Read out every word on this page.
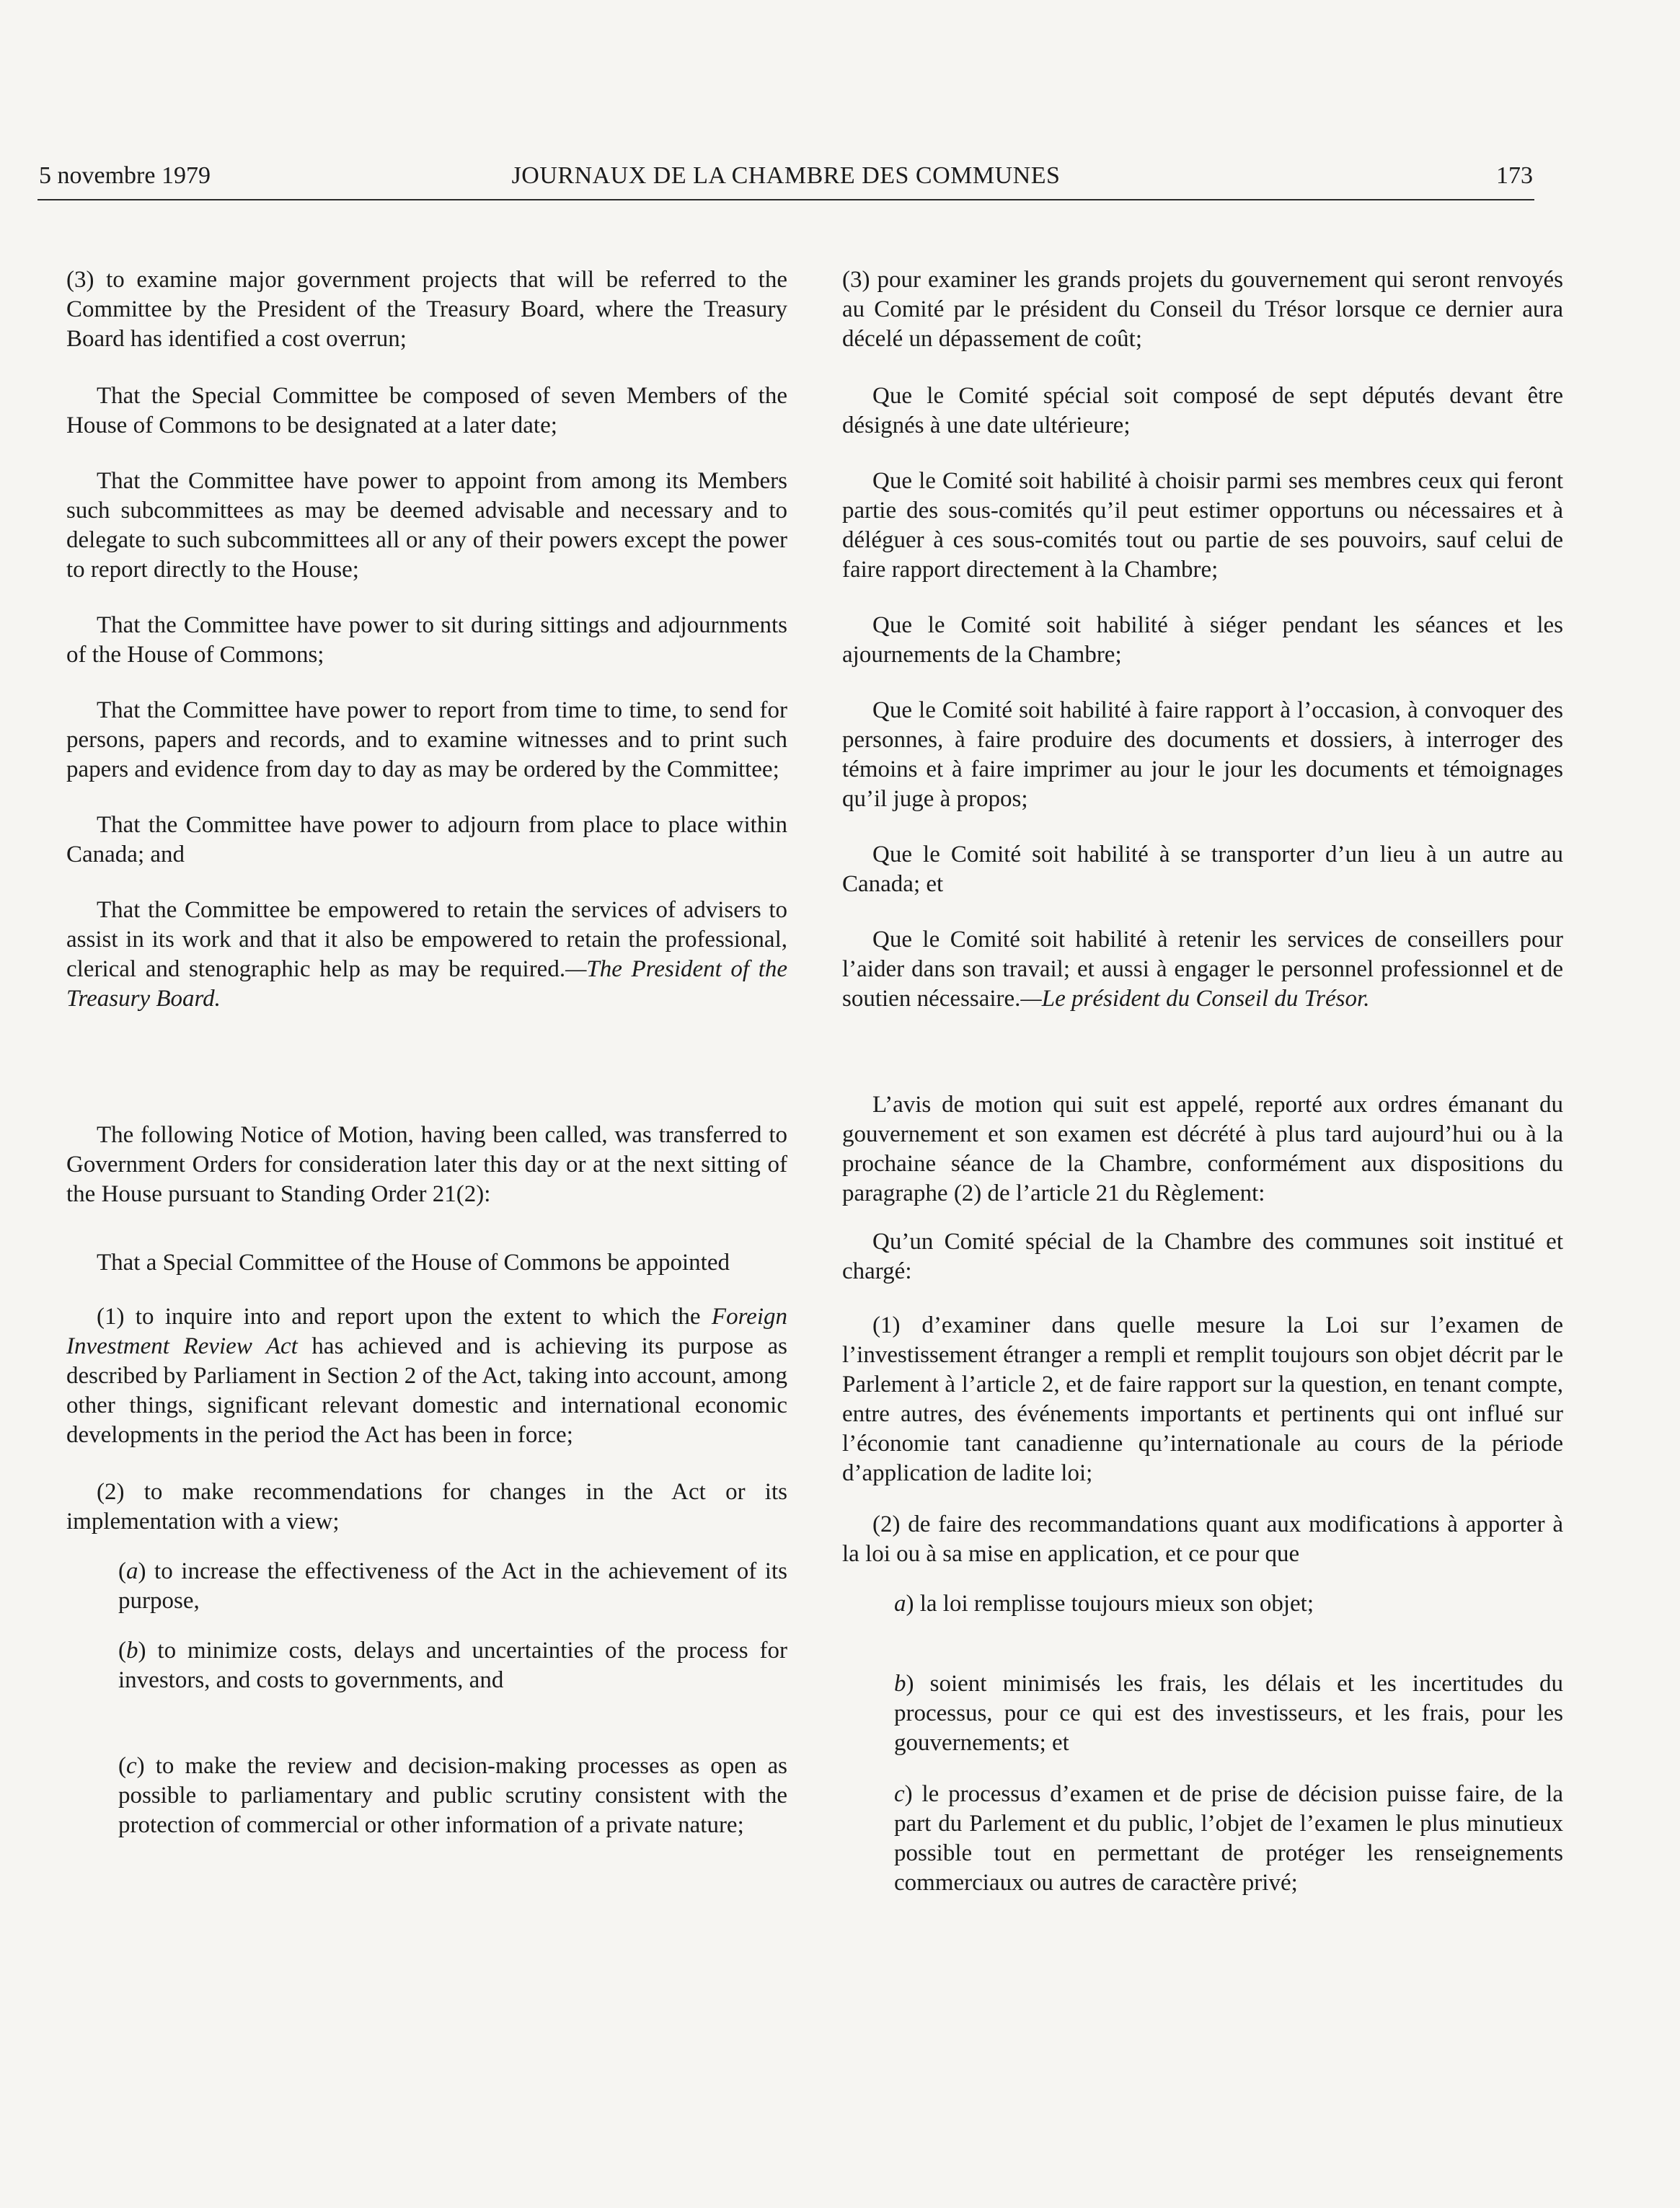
5 novembre 1979	JOURNAUX DE LA CHAMBRE DES COMMUNES	173

(3) to examine major government projects that will be referred to the Committee by the President of the Treasury Board, where the Treasury Board has identified a cost overrun;

That the Special Committee be composed of seven Members of the House of Commons to be designated at a later date;

That the Committee have power to appoint from among its Members such subcommittees as may be deemed advisable and necessary and to delegate to such subcommittees all or any of their powers except the power to report directly to the House;

That the Committee have power to sit during sittings and adjournments of the House of Commons;

That the Committee have power to report from time to time, to send for persons, papers and records, and to examine witnesses and to print such papers and evidence from day to day as may be ordered by the Committee;

That the Committee have power to adjourn from place to place within Canada; and

That the Committee be empowered to retain the services of advisers to assist in its work and that it also be empowered to retain the professional, clerical and stenographic help as may be required.—The President of the Treasury Board.

The following Notice of Motion, having been called, was transferred to Government Orders for consideration later this day or at the next sitting of the House pursuant to Standing Order 21(2):

That a Special Committee of the House of Commons be appointed

(1) to inquire into and report upon the extent to which the Foreign Investment Review Act has achieved and is achieving its purpose as described by Parliament in Section 2 of the Act, taking into account, among other things, significant relevant domestic and international economic developments in the period the Act has been in force;

(2) to make recommendations for changes in the Act or its implementation with a view;

(a) to increase the effectiveness of the Act in the achievement of its purpose,

(b) to minimize costs, delays and uncertainties of the process for investors, and costs to governments, and

(c) to make the review and decision-making processes as open as possible to parliamentary and public scrutiny consistent with the protection of commercial or other information of a private nature;

(3) pour examiner les grands projets du gouvernement qui seront renvoyés au Comité par le président du Conseil du Trésor lorsque ce dernier aura décelé un dépassement de coût;

Que le Comité spécial soit composé de sept députés devant être désignés à une date ultérieure;

Que le Comité soit habilité à choisir parmi ses membres ceux qui feront partie des sous-comités qu’il peut estimer opportuns ou nécessaires et à déléguer à ces sous-comités tout ou partie de ses pouvoirs, sauf celui de faire rapport directement à la Chambre;

Que le Comité soit habilité à siéger pendant les séances et les ajournements de la Chambre;

Que le Comité soit habilité à faire rapport à l’occasion, à convoquer des personnes, à faire produire des documents et dossiers, à interroger des témoins et à faire imprimer au jour le jour les documents et témoignages qu’il juge à propos;

Que le Comité soit habilité à se transporter d’un lieu à un autre au Canada; et

Que le Comité soit habilité à retenir les services de conseillers pour l’aider dans son travail; et aussi à engager le personnel professionnel et de soutien nécessaire.—Le président du Conseil du Trésor.

L’avis de motion qui suit est appelé, reporté aux ordres émanant du gouvernement et son examen est décrété à plus tard aujourd’hui ou à la prochaine séance de la Chambre, conformément aux dispositions du paragraphe (2) de l’article 21 du Règlement:

Qu’un Comité spécial de la Chambre des communes soit institué et chargé:

(1) d’examiner dans quelle mesure la Loi sur l’examen de l’investissement étranger a rempli et remplit toujours son objet décrit par le Parlement à l’article 2, et de faire rapport sur la question, en tenant compte, entre autres, des événements importants et pertinents qui ont influé sur l’économie tant canadienne qu’internationale au cours de la période d’application de ladite loi;

(2) de faire des recommandations quant aux modifications à apporter à la loi ou à sa mise en application, et ce pour que

a) la loi remplisse toujours mieux son objet;

b) soient minimisés les frais, les délais et les incertitudes du processus, pour ce qui est des investisseurs, et les frais, pour les gouvernements; et

c) le processus d’examen et de prise de décision puisse faire, de la part du Parlement et du public, l’objet de l’examen le plus minutieux possible tout en permettant de protéger les renseignements commerciaux ou autres de caractère privé;
